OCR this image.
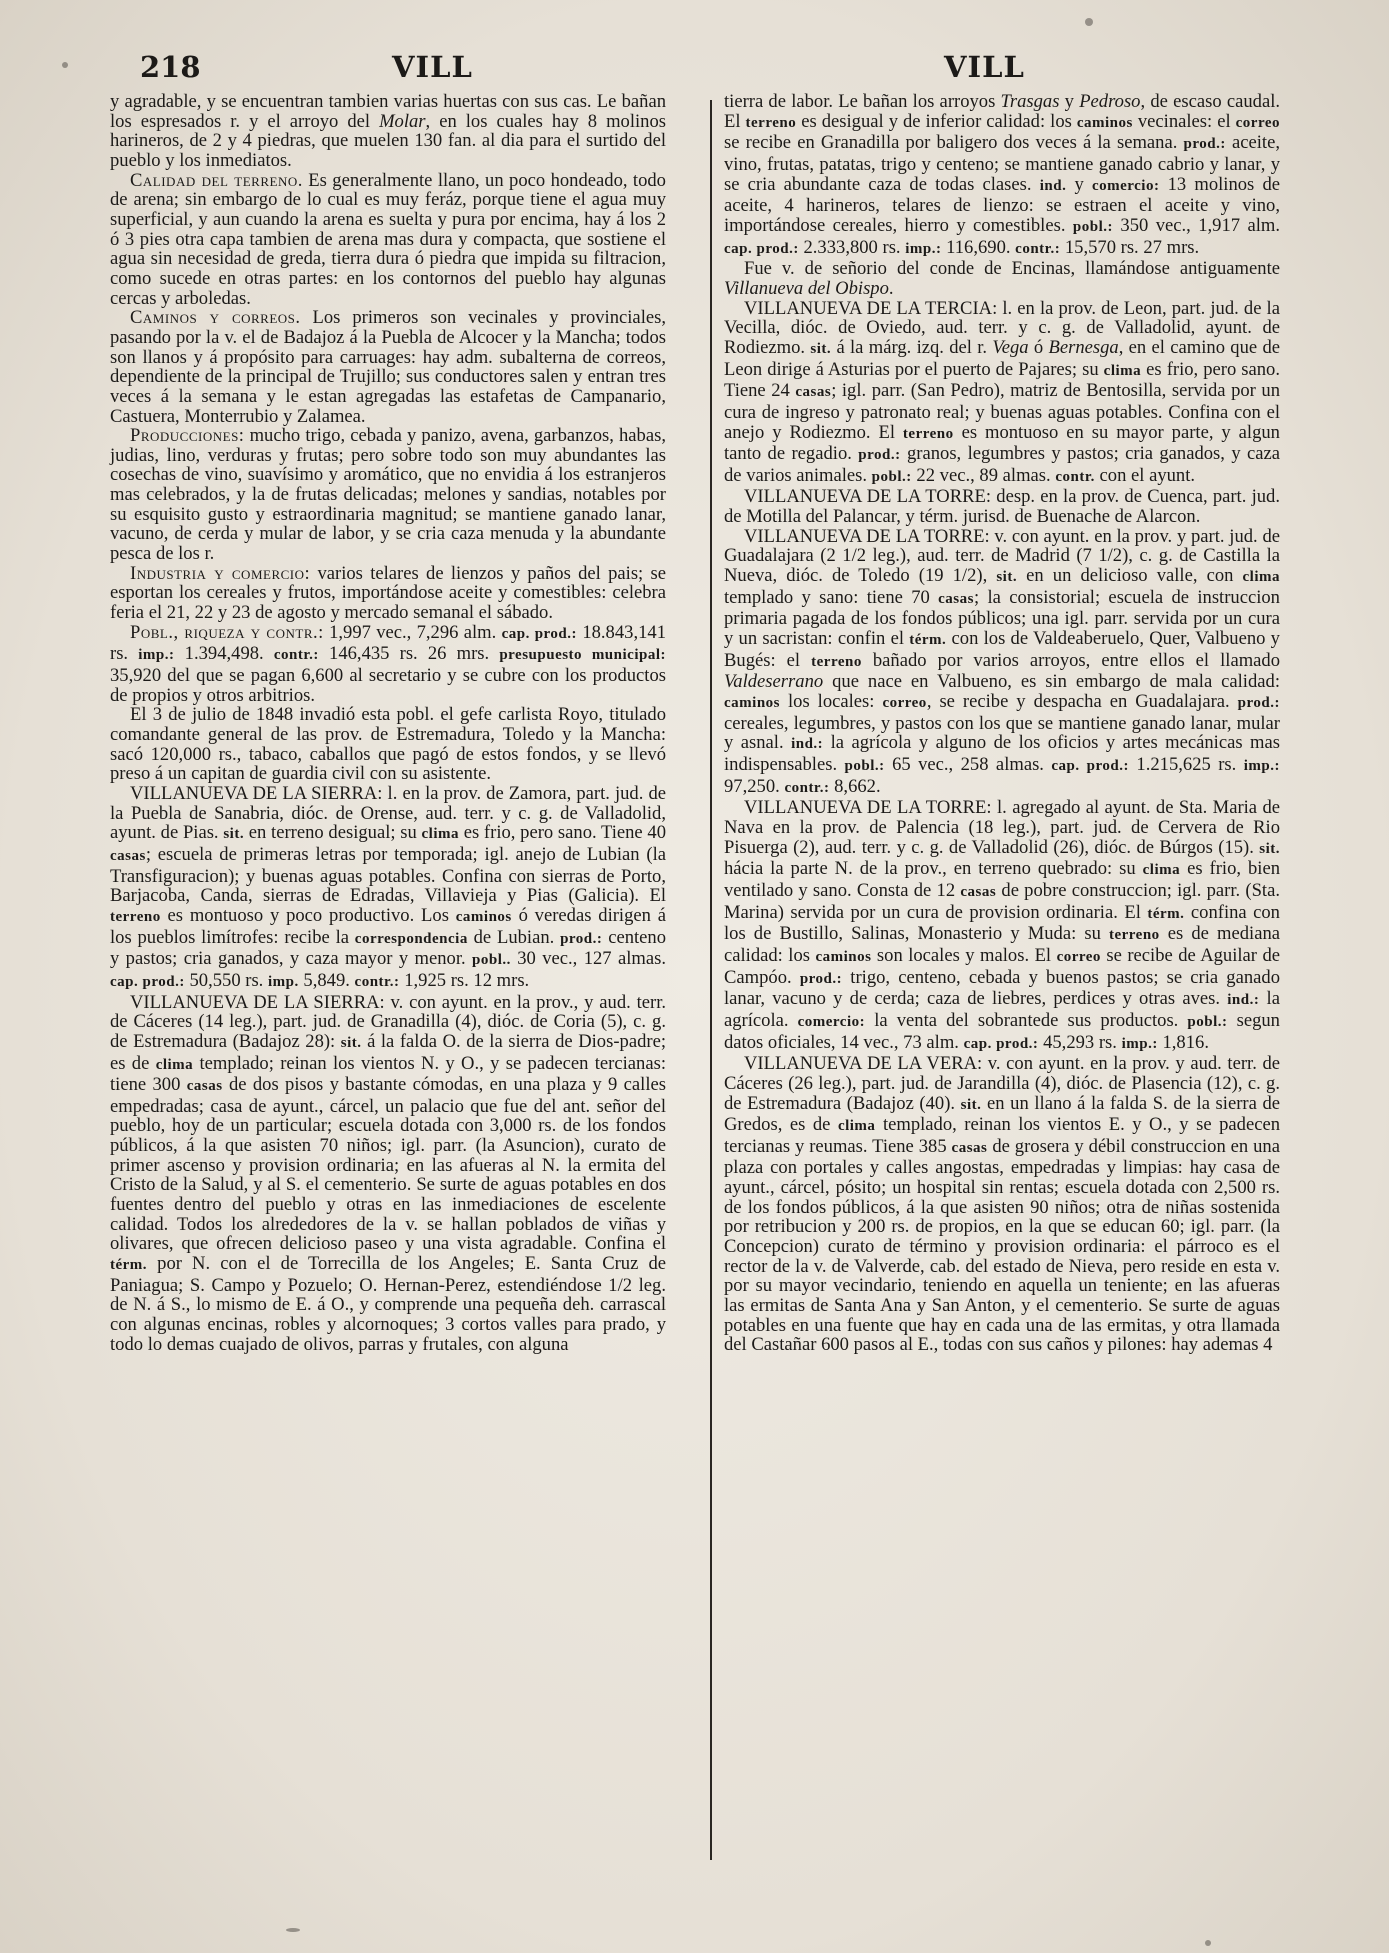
218	VILL	VILL

y agradable, y se encuentran tambien varias huertas con sus cas. Le bañan los espresados r. y el arroyo del Molar, en los cuales hay 8 molinos harineros, de 2 y 4 piedras, que muelen 130 fan. al dia para el surtido del pueblo y los inmediatos.

Calidad del terreno. Es generalmente llano, un poco hondeado, todo de arena; sin embargo de lo cual es muy feráz, porque tiene el agua muy superficial, y aun cuando la arena es suelta y pura por encima, hay á los 2 ó 3 pies otra capa tambien de arena mas dura y compacta, que sostiene el agua sin necesidad de greda, tierra dura ó piedra que impida su filtracion, como sucede en otras partes: en los contornos del pueblo hay algunas cercas y arboledas.

Caminos y correos. Los primeros son vecinales y provinciales, pasando por la v. el de Badajoz á la Puebla de Alcocer y la Mancha; todos son llanos y á propósito para carruages: hay adm. subalterna de correos, dependiente de la principal de Trujillo; sus conductores salen y entran tres veces á la semana y le estan agregadas las estafetas de Campanario, Castuera, Monterrubio y Zalamea.

Producciones: mucho trigo, cebada y panizo, avena, garbanzos, habas, judias, lino, verduras y frutas; pero sobre todo son muy abundantes las cosechas de vino, suavísimo y aromático, que no envidia á los estranjeros mas celebrados, y la de frutas delicadas; melones y sandias, notables por su esquisito gusto y estraordinaria magnitud; se mantiene ganado lanar, vacuno, de cerda y mular de labor, y se cria caza menuda y la abundante pesca de los r.

Industria y comercio: varios telares de lienzos y paños del pais; se esportan los cereales y frutos, importándose aceite y comestibles: celebra feria el 21, 22 y 23 de agosto y mercado semanal el sábado.

Pobl., riqueza y contr.: 1,997 vec., 7,296 alm. cap. prod.: 18.843,141 rs. imp.: 1.394,498. contr.: 146,435 rs. 26 mrs. presupuesto municipal: 35,920 del que se pagan 6,600 al secretario y se cubre con los productos de propios y otros arbitrios.

El 3 de julio de 1848 invadió esta pobl. el gefe carlista Royo, titulado comandante general de las prov. de Estremadura, Toledo y la Mancha: sacó 120,000 rs., tabaco, caballos que pagó de estos fondos, y se llevó preso á un capitan de guardia civil con su asistente.

VILLANUEVA DE LA SIERRA: l. en la prov. de Zamora, part. jud. de la Puebla de Sanabria, dióc. de Orense, aud. terr. y c. g. de Valladolid, ayunt. de Pias. sit. en terreno desigual; su clima es frio, pero sano. Tiene 40 casas; escuela de primeras letras por temporada; igl. anejo de Lubian (la Transfiguracion); y buenas aguas potables. Confina con sierras de Porto, Barjacoba, Canda, sierras de Edradas, Villavieja y Pias (Galicia). El terreno es montuoso y poco productivo. Los caminos ó veredas dirigen á los pueblos limítrofes: recibe la correspondencia de Lubian. prod.: centeno y pastos; cria ganados, y caza mayor y menor. pobl.. 30 vec., 127 almas. cap. prod.: 50,550 rs. imp. 5,849. contr.: 1,925 rs. 12 mrs.

VILLANUEVA DE LA SIERRA: v. con ayunt. en la prov., y aud. terr. de Cáceres (14 leg.), part. jud. de Granadilla (4), dióc. de Coria (5), c. g. de Estremadura (Badajoz 28): sit. á la falda O. de la sierra de Dios-padre; es de clima templado; reinan los vientos N. y O., y se padecen tercianas: tiene 300 casas de dos pisos y bastante cómodas, en una plaza y 9 calles empedradas; casa de ayunt., cárcel, un palacio que fue del ant. señor del pueblo, hoy de un particular; escuela dotada con 3,000 rs. de los fondos públicos, á la que asisten 70 niños; igl. parr. (la Asuncion), curato de primer ascenso y provision ordinaria; en las afueras al N. la ermita del Cristo de la Salud, y al S. el cementerio. Se surte de aguas potables en dos fuentes dentro del pueblo y otras en las inmediaciones de escelente calidad. Todos los alrededores de la v. se hallan poblados de viñas y olivares, que ofrecen delicioso paseo y una vista agradable. Confina el térm. por N. con el de Torrecilla de los Angeles; E. Santa Cruz de Paniagua; S. Campo y Pozuelo; O. Hernan-Perez, estendiéndose 1/2 leg. de N. á S., lo mismo de E. á O., y comprende una pequeña deh. carrascal con algunas encinas, robles y alcornoques; 3 cortos valles para prado, y todo lo demas cuajado de olivos, parras y frutales, con alguna

tierra de labor. Le bañan los arroyos Trasgas y Pedroso, de escaso caudal. El terreno es desigual y de inferior calidad: los caminos vecinales: el correo se recibe en Granadilla por baligero dos veces á la semana. prod.: aceite, vino, frutas, patatas, trigo y centeno; se mantiene ganado cabrio y lanar, y se cria abundante caza de todas clases. ind. y comercio: 13 molinos de aceite, 4 harineros, telares de lienzo: se estraen el aceite y vino, importándose cereales, hierro y comestibles. pobl.: 350 vec., 1,917 alm. cap. prod.: 2.333,800 rs. imp.: 116,690. contr.: 15,570 rs. 27 mrs.

Fue v. de señorio del conde de Encinas, llamándose antiguamente Villanueva del Obispo.

VILLANUEVA DE LA TERCIA: l. en la prov. de Leon, part. jud. de la Vecilla, dióc. de Oviedo, aud. terr. y c. g. de Valladolid, ayunt. de Rodiezmo. sit. á la márg. izq. del r. Vega ó Bernesga, en el camino que de Leon dirige á Asturias por el puerto de Pajares; su clima es frio, pero sano. Tiene 24 casas; igl. parr. (San Pedro), matriz de Bentosilla, servida por un cura de ingreso y patronato real; y buenas aguas potables. Confina con el anejo y Rodiezmo. El terreno es montuoso en su mayor parte, y algun tanto de regadio. prod.: granos, legumbres y pastos; cria ganados, y caza de varios animales. pobl.: 22 vec., 89 almas. contr. con el ayunt.

VILLANUEVA DE LA TORRE: desp. en la prov. de Cuenca, part. jud. de Motilla del Palancar, y térm. jurisd. de Buenache de Alarcon.

VILLANUEVA DE LA TORRE: v. con ayunt. en la prov. y part. jud. de Guadalajara (2 1/2 leg.), aud. terr. de Madrid (7 1/2), c. g. de Castilla la Nueva, dióc. de Toledo (19 1/2), sit. en un delicioso valle, con clima templado y sano: tiene 70 casas; la consistorial; escuela de instruccion primaria pagada de los fondos públicos; una igl. parr. servida por un cura y un sacristan: confin el térm. con los de Valdeaberuelo, Quer, Valbueno y Bugés: el terreno bañado por varios arroyos, entre ellos el llamado Valdeserrano que nace en Valbueno, es sin embargo de mala calidad: caminos los locales: correo, se recibe y despacha en Guadalajara. prod.: cereales, legumbres, y pastos con los que se mantiene ganado lanar, mular y asnal. ind.: la agrícola y alguno de los oficios y artes mecánicas mas indispensables. pobl.: 65 vec., 258 almas. cap. prod.: 1.215,625 rs. imp.: 97,250. contr.: 8,662.

VILLANUEVA DE LA TORRE: l. agregado al ayunt. de Sta. Maria de Nava en la prov. de Palencia (18 leg.), part. jud. de Cervera de Rio Pisuerga (2), aud. terr. y c. g. de Valladolid (26), dióc. de Búrgos (15). sit. hácia la parte N. de la prov., en terreno quebrado: su clima es frio, bien ventilado y sano. Consta de 12 casas de pobre construccion; igl. parr. (Sta. Marina) servida por un cura de provision ordinaria. El térm. confina con los de Bustillo, Salinas, Monasterio y Muda: su terreno es de mediana calidad: los caminos son locales y malos. El correo se recibe de Aguilar de Campóo. prod.: trigo, centeno, cebada y buenos pastos; se cria ganado lanar, vacuno y de cerda; caza de liebres, perdices y otras aves. ind.: la agrícola. comercio: la venta del sobrantede sus productos. pobl.: segun datos oficiales, 14 vec., 73 alm. cap. prod.: 45,293 rs. imp.: 1,816.

VILLANUEVA DE LA VERA: v. con ayunt. en la prov. y aud. terr. de Cáceres (26 leg.), part. jud. de Jarandilla (4), dióc. de Plasencia (12), c. g. de Estremadura (Badajoz (40). sit. en un llano á la falda S. de la sierra de Gredos, es de clima templado, reinan los vientos E. y O., y se padecen tercianas y reumas. Tiene 385 casas de grosera y débil construccion en una plaza con portales y calles angostas, empedradas y limpias: hay casa de ayunt., cárcel, pósito; un hospital sin rentas; escuela dotada con 2,500 rs. de los fondos públicos, á la que asisten 90 niños; otra de niñas sostenida por retribucion y 200 rs. de propios, en la que se educan 60; igl. parr. (la Concepcion) curato de término y provision ordinaria: el párroco es el rector de la v. de Valverde, cab. del estado de Nieva, pero reside en esta v. por su mayor vecindario, teniendo en aquella un teniente; en las afueras las ermitas de Santa Ana y San Anton, y el cementerio. Se surte de aguas potables en una fuente que hay en cada una de las ermitas, y otra llamada del Castañar 600 pasos al E., todas con sus caños y pilones: hay ademas 4
